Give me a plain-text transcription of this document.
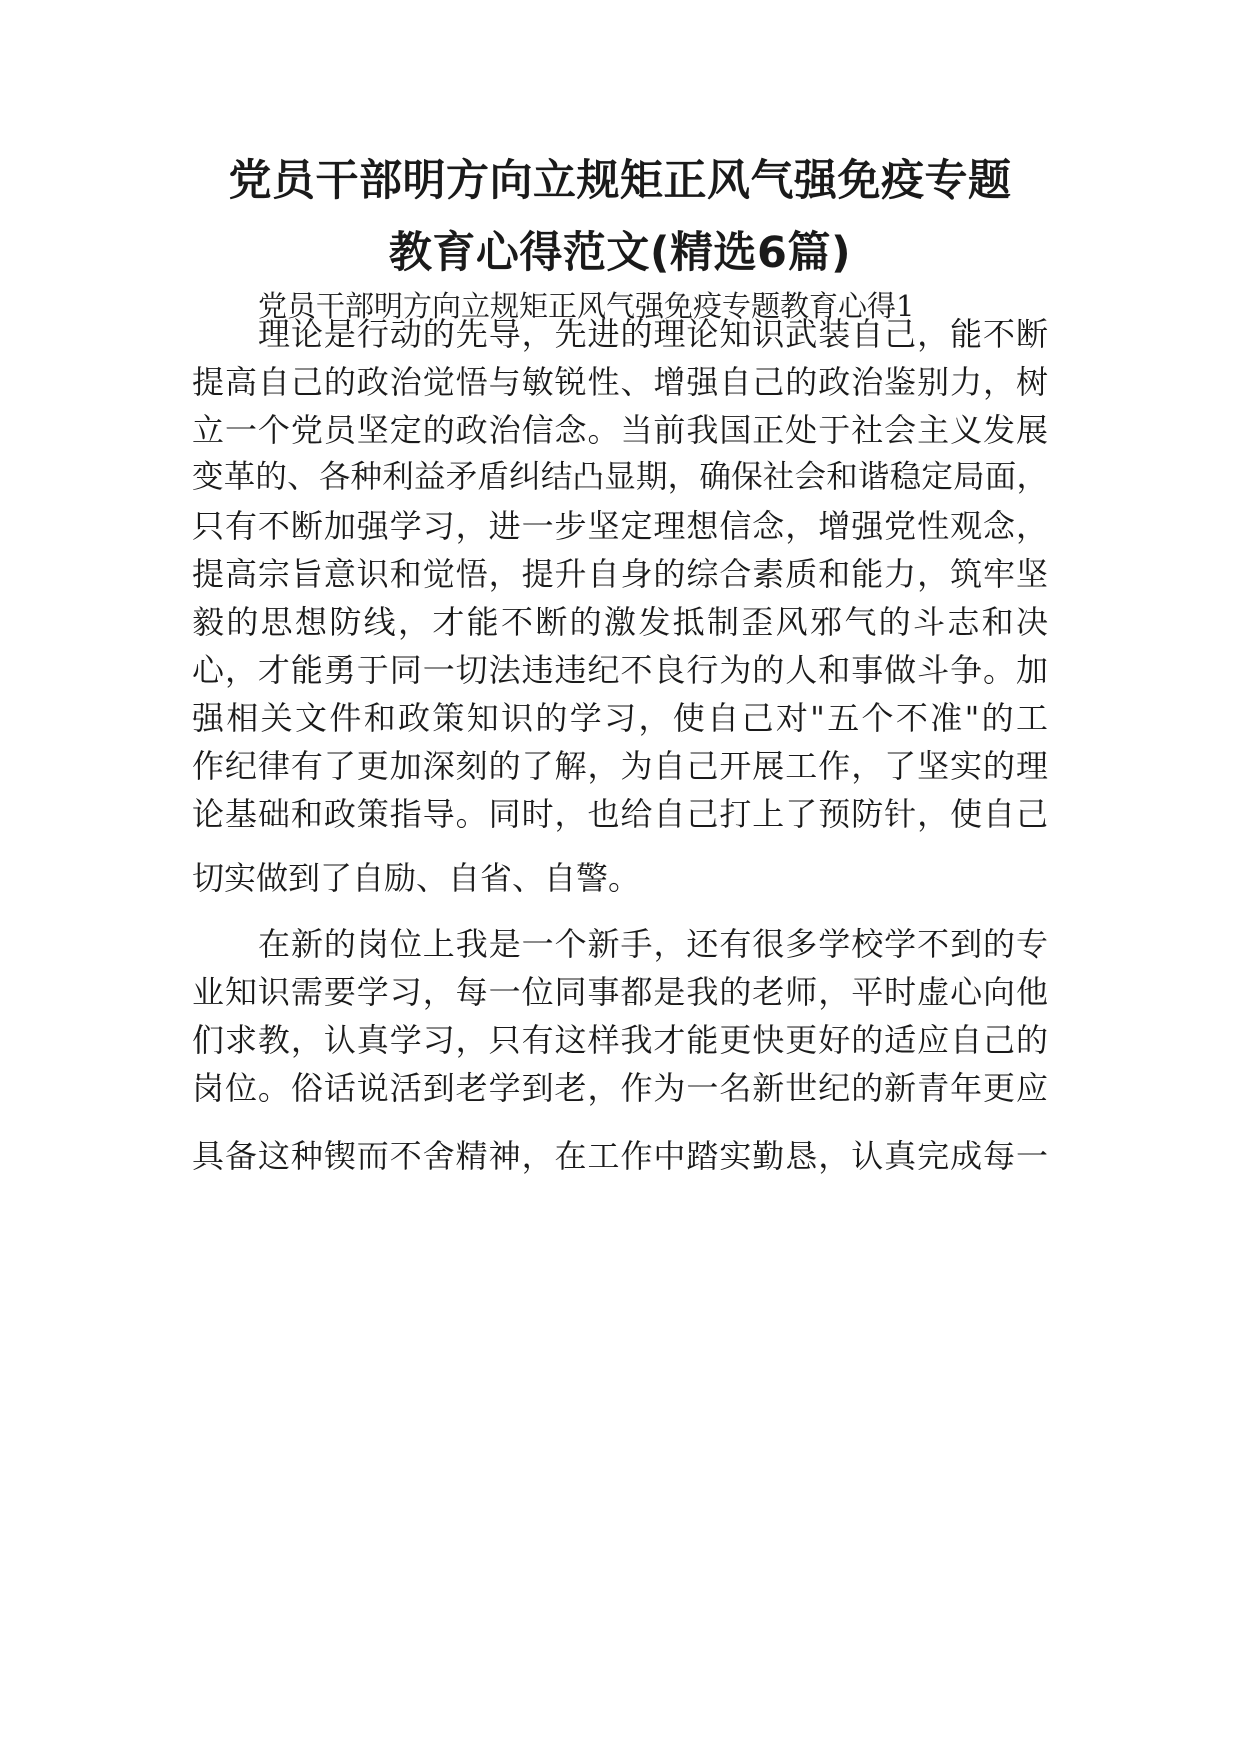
党员干部明方向立规矩正风气强免疫专题
教育心得范文(精选6篇)

党员干部明方向立规矩正风气强免疫专题教育心得1

理论是行动的先导，先进的理论知识武装自己，能不断

提高自己的政治觉悟与敏锐性、增强自己的政治鉴别力，树

立一个党员坚定的政治信念。当前我国正处于社会主义发展

变革的、各种利益矛盾纠结凸显期，确保社会和谐稳定局面，

只有不断加强学习，进一步坚定理想信念，增强党性观念，

提高宗旨意识和觉悟，提升自身的综合素质和能力，筑牢坚

毅的思想防线，才能不断的激发抵制歪风邪气的斗志和决

心，才能勇于同一切法违违纪不良行为的人和事做斗争。加

强相关文件和政策知识的学习，使自己对"五个不准"的工

作纪律有了更加深刻的了解，为自己开展工作，了坚实的理

论基础和政策指导。同时，也给自己打上了预防针，使自己

切实做到了自励、自省、自警。

在新的岗位上我是一个新手，还有很多学校学不到的专

业知识需要学习，每一位同事都是我的老师，平时虚心向他

们求教，认真学习，只有这样我才能更快更好的适应自己的

岗位。俗话说活到老学到老，作为一名新世纪的新青年更应

具备这种锲而不舍精神，在工作中踏实勤恳，认真完成每一
